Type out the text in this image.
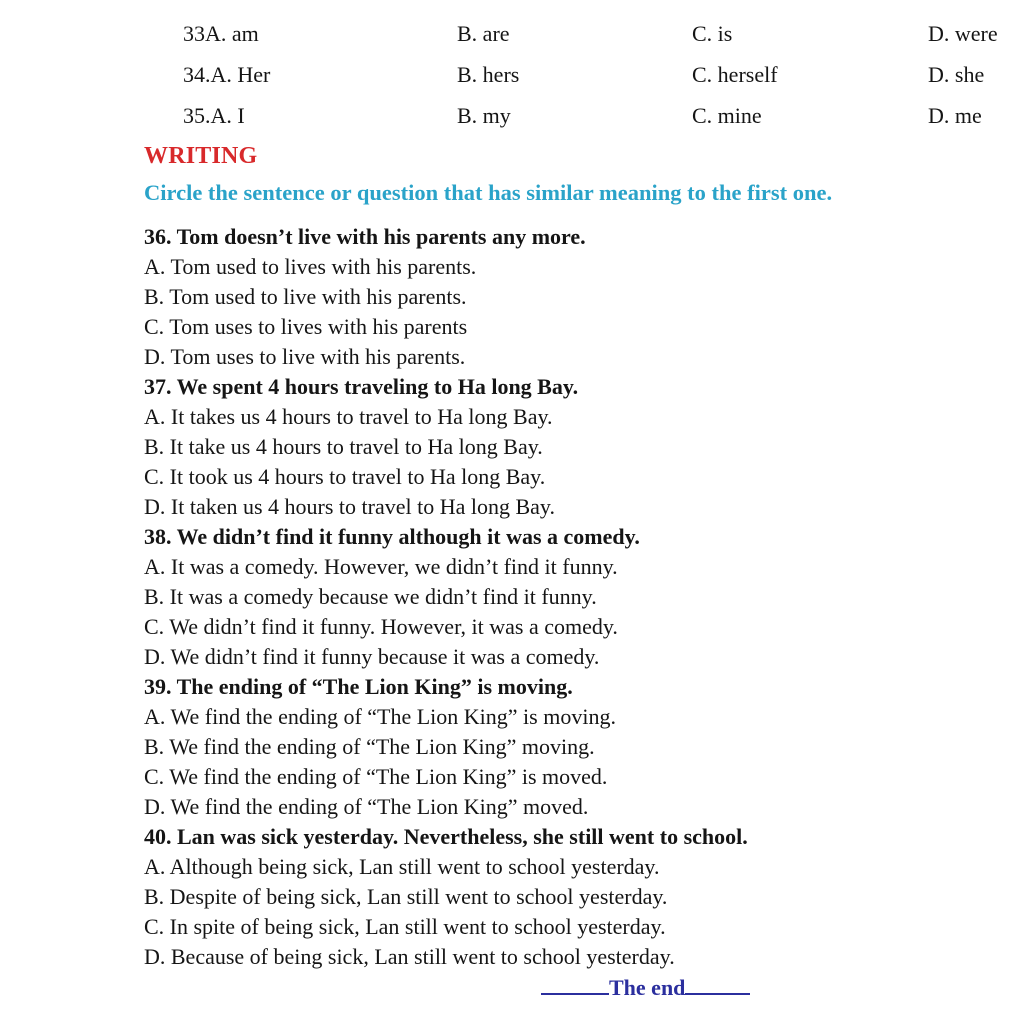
33
A. am	B. are	C. is	D. were
34.
A. Her	B. hers	C. herself	D. she
35.
A. I	B. my	C. mine	D. me
WRITING
Circle the sentence or question that has similar meaning to the first one.
36. Tom doesn’t live with his parents any more.
A. Tom used to lives with his parents.
B. Tom used to live with his parents.
C. Tom uses to lives with his parents
D. Tom uses to live with his parents.
37. We spent 4 hours traveling to Ha long Bay.
A. It takes us 4 hours to travel to Ha long Bay.
B. It take us 4 hours to travel to Ha long Bay.
C. It took us 4 hours to travel to Ha long Bay.
D. It taken us 4 hours to travel to Ha long Bay.
38. We didn’t find it funny although it was a comedy.
A. It was a comedy. However, we didn’t find it funny.
B. It was a comedy because we didn’t find it funny.
C. We didn’t find it funny. However, it was a comedy.
D. We didn’t find it funny because it was a comedy.
39. The ending of “The Lion King” is moving.
A. We find the ending of “The Lion King” is moving.
B. We find the ending of “The Lion King” moving.
C. We find the ending of “The Lion King” is moved.
D. We find the ending of “The Lion King” moved.
40. Lan was sick yesterday. Nevertheless, she still went to school.
A. Although being sick, Lan still went to school yesterday.
B. Despite of being sick, Lan still went to school yesterday.
C. In spite of being sick, Lan still went to school yesterday.
D. Because of being sick, Lan still went to school yesterday.
The end
